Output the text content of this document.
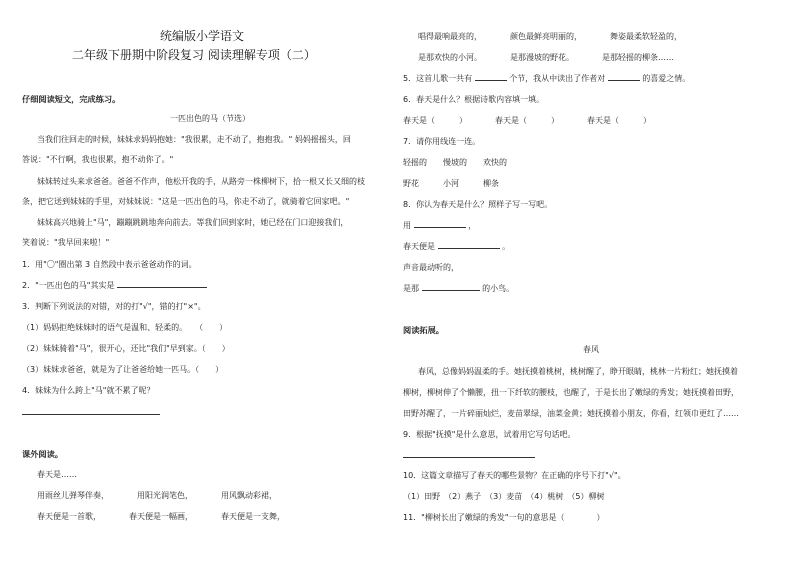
统编版小学语文
二年级下册期中阶段复习 阅读理解专项（二）
仔细阅读短文，完成练习。
一匹出色的马（节选）
当我们往回走的时候，妹妹求妈妈抱她："我很累，走不动了，抱抱我。" 妈妈摇摇头，回
答说："不行啊，我也很累，抱不动你了。"
妹妹转过头来求爸爸。爸爸不作声，他松开我的手，从路旁一株柳树下，拾一根又长又细的枝
条，把它送到妹妹的手里，对妹妹说："这是一匹出色的马，你走不动了，就骑着它回家吧。"
妹妹高兴地骑上"马"，蹦蹦跳跳地奔向前去。等我们回到家时，她已经在门口迎接我们，
笑着说："我早回来啦！"
1．用"〇"圈出第 3 自然段中表示爸爸动作的词。
2．"一匹出色的马"其实是
3．判断下列说法的对错，对的打"√"，错的打"×"。
（1）妈妈拒绝妹妹时的语气是温和、轻柔的。　　（　　）
（2）妹妹骑着"马"，很开心，还比"我们"早到家。（　　）
（3）妹妹求爸爸，就是为了让爸爸给她一匹马。（　　）
4．妹妹为什么跨上"马"就不累了呢？
课外阅读。
春天是……
用雨丝儿弹琴伴奏，　　　　用阳光润笔色，　　　　用风飘动彩裙，
春天便是一首歌，　　　　春天便是一幅画，　　　　春天便是一支舞，
唱得最响最亮的，　　　　颜色最鲜亮明丽的，　　　　舞姿最柔软轻盈的，
是那欢快的小河。　　　　是那漫坡的野花。　　　　是那轻摇的柳条……
5．这首儿歌一共有	个节，我从中读出了作者对	的喜爱之情。
6．春天是什么？根据诗歌内容填一填。
春天是（　　　）　　　　春天是（　　　）　　　　春天是（　　　）
7．请你用线连一连。
轻摇的　　慢坡的　　欢快的
野花　　　小河　　　柳条
8．你认为春天是什么？照样子写一写吧。
用	，
春天便是	。
声音最动听的，
是那	的小鸟。
阅读拓展。
春风
春风，总像妈妈温柔的手。她抚摸着桃树，桃树醒了，睁开眼睛，桃林一片粉红；她抚摸着
柳树，柳树伸了个懒腰，扭一下纤软的腰枝，也醒了，于是长出了嫩绿的秀发；她抚摸着田野，
田野苏醒了，一片碎丽灿烂，麦苗翠绿，油菜金黄；她抚摸着小朋友，你看，红领巾更红了……
9．根据"抚摸"是什么意思，试着用它写句话吧。
10．这篇文章描写了春天的哪些景物？在正确的序号下打"√"。
（1）田野　（2）燕子　（3）麦苗　（4）桃树　（5）柳树
11．"柳树长出了嫩绿的秀发"一句的意思是（　　　　）
